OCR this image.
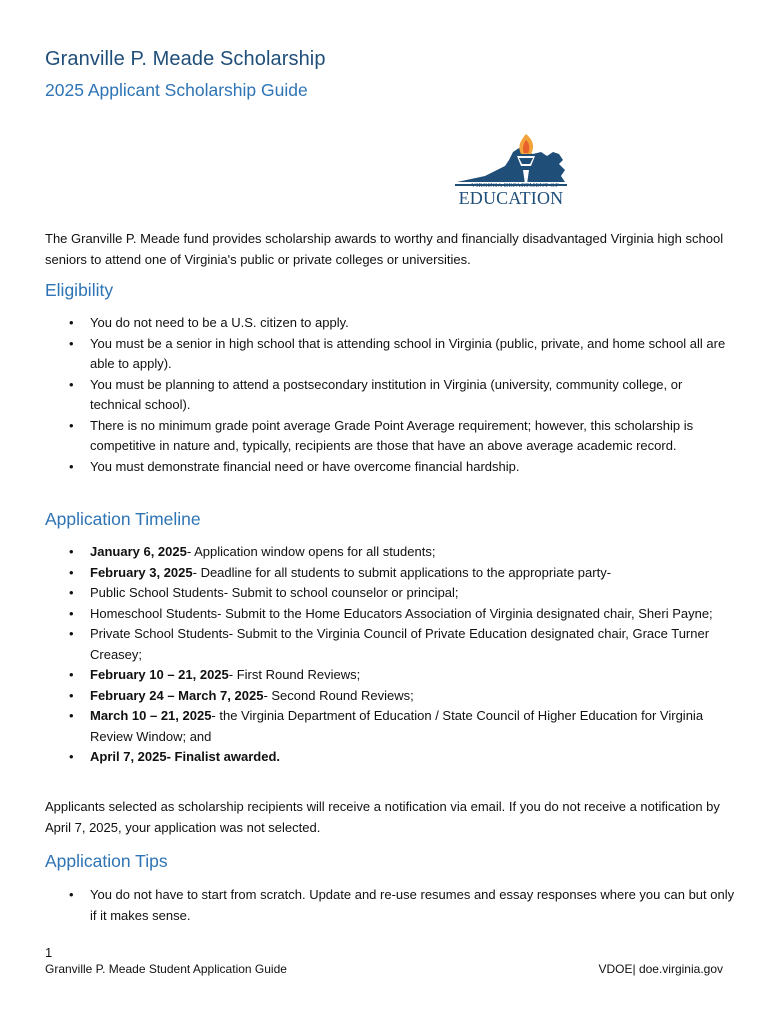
Granville P. Meade Scholarship
2025 Applicant Scholarship Guide
VIRGINIA DEPARTMENT OF
EDUCATION

The Granville P. Meade fund provides scholarship awards to worthy and financially disadvantaged Virginia high school seniors to attend one of Virginia's public or private colleges or universities.

Eligibility
• You do not need to be a U.S. citizen to apply.
• You must be a senior in high school that is attending school in Virginia (public, private, and home school all are able to apply).
• You must be planning to attend a postsecondary institution in Virginia (university, community college, or technical school).
• There is no minimum grade point average Grade Point Average requirement; however, this scholarship is competitive in nature and, typically, recipients are those that have an above average academic record.
• You must demonstrate financial need or have overcome financial hardship.
Application Timeline
• January 6, 2025- Application window opens for all students;
• February 3, 2025- Deadline for all students to submit applications to the appropriate party-
• Public School Students- Submit to school counselor or principal;
• Homeschool Students- Submit to the Home Educators Association of Virginia designated chair, Sheri Payne;
• Private School Students- Submit to the Virginia Council of Private Education designated chair, Grace Turner Creasey;
• February 10 – 21, 2025- First Round Reviews;
• February 24 – March 7, 2025- Second Round Reviews;
• March 10 – 21, 2025- the Virginia Department of Education / State Council of Higher Education for Virginia Review Window; and
• April 7, 2025- Finalist awarded.

Applicants selected as scholarship recipients will receive a notification via email. If you do not receive a notification by April 7, 2025, your application was not selected.

Application Tips
• You do not have to start from scratch. Update and re-use resumes and essay responses where you can but only if it makes sense.
1
Granville P. Meade Student Application Guide	VDOE| doe.virginia.gov
